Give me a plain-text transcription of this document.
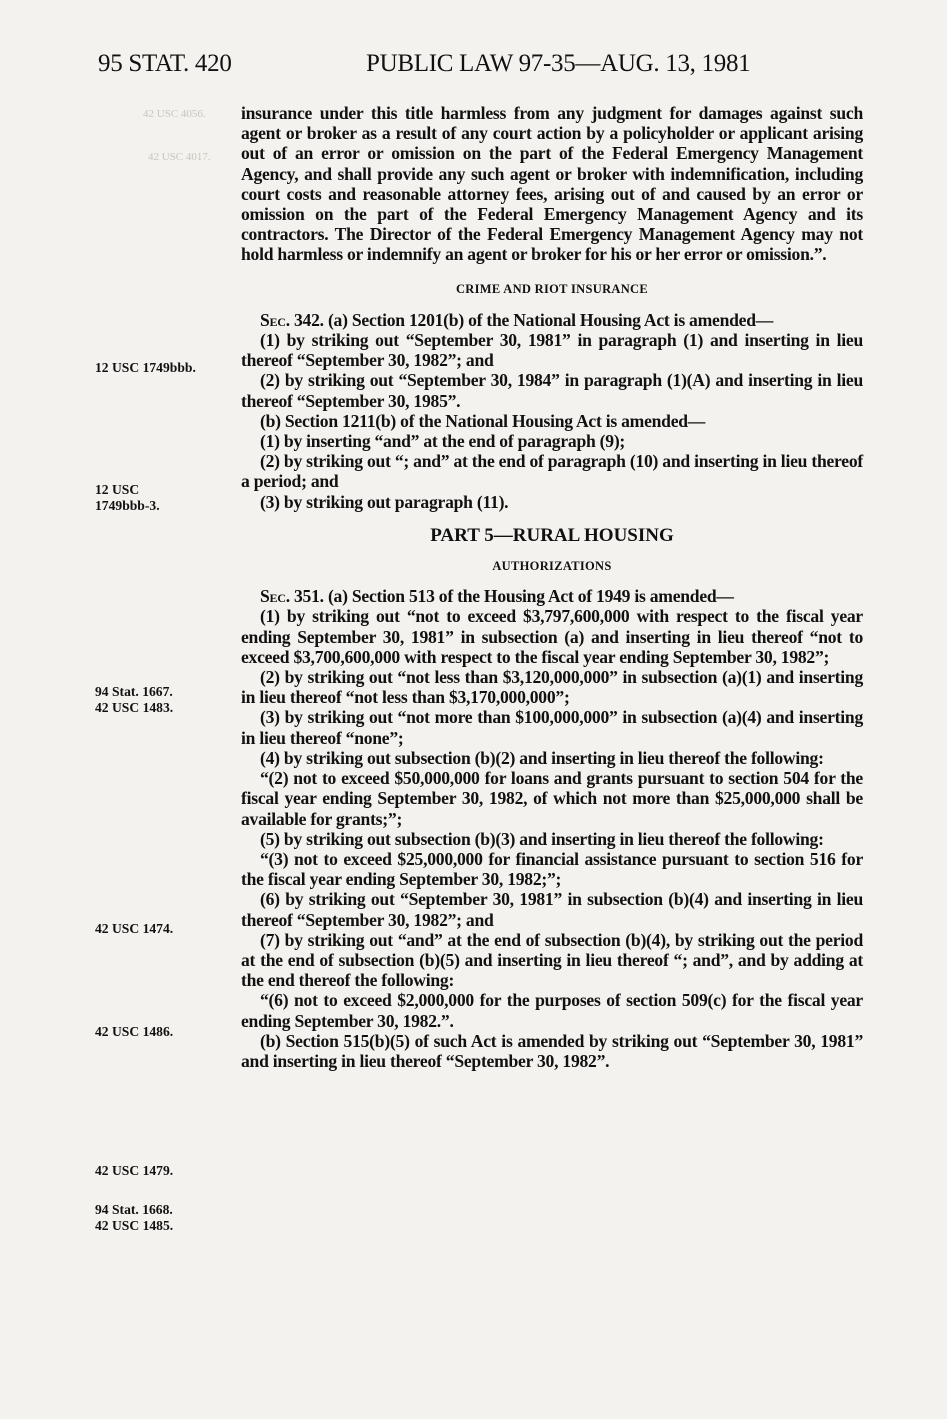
95 STAT. 420	PUBLIC LAW 97-35—AUG. 13, 1981
42 USC 4056.
42 USC 4017.
12 USC 1749bbb.
12 USC
1749bbb-3.
94 Stat. 1667.
42 USC 1483.
42 USC 1474.
42 USC 1486.
42 USC 1479.
94 Stat. 1668.
42 USC 1485.

insurance under this title harmless from any judgment for damages against such agent or broker as a result of any court action by a policyholder or applicant arising out of an error or omission on the part of the Federal Emergency Management Agency, and shall provide any such agent or broker with indemnification, including court costs and reasonable attorney fees, arising out of and caused by an error or omission on the part of the Federal Emergency Management Agency and its contractors. The Director of the Federal Emergency Management Agency may not hold harmless or indemnify an agent or broker for his or her error or omission.”.

CRIME AND RIOT INSURANCE

Sec. 342. (a) Section 1201(b) of the National Housing Act is amended—

(1) by striking out “September 30, 1981” in paragraph (1) and inserting in lieu thereof “September 30, 1982”; and

(2) by striking out “September 30, 1984” in paragraph (1)(A) and inserting in lieu thereof “September 30, 1985”.

(b) Section 1211(b) of the National Housing Act is amended—

(1) by inserting “and” at the end of paragraph (9);

(2) by striking out “; and” at the end of paragraph (10) and inserting in lieu thereof a period; and

(3) by striking out paragraph (11).

PART 5—RURAL HOUSING

AUTHORIZATIONS

Sec. 351. (a) Section 513 of the Housing Act of 1949 is amended—

(1) by striking out “not to exceed $3,797,600,000 with respect to the fiscal year ending September 30, 1981” in subsection (a) and inserting in lieu thereof “not to exceed $3,700,600,000 with respect to the fiscal year ending September 30, 1982”;

(2) by striking out “not less than $3,120,000,000” in subsection (a)(1) and inserting in lieu thereof “not less than $3,170,000,000”;

(3) by striking out “not more than $100,000,000” in subsection (a)(4) and inserting in lieu thereof “none”;

(4) by striking out subsection (b)(2) and inserting in lieu thereof the following:

“(2) not to exceed $50,000,000 for loans and grants pursuant to section 504 for the fiscal year ending September 30, 1982, of which not more than $25,000,000 shall be available for grants;”;

(5) by striking out subsection (b)(3) and inserting in lieu thereof the following:

“(3) not to exceed $25,000,000 for financial assistance pursuant to section 516 for the fiscal year ending September 30, 1982;”;

(6) by striking out “September 30, 1981” in subsection (b)(4) and inserting in lieu thereof “September 30, 1982”; and

(7) by striking out “and” at the end of subsection (b)(4), by striking out the period at the end of subsection (b)(5) and inserting in lieu thereof “; and”, and by adding at the end thereof the following:

“(6) not to exceed $2,000,000 for the purposes of section 509(c) for the fiscal year ending September 30, 1982.”.

(b) Section 515(b)(5) of such Act is amended by striking out “September 30, 1981” and inserting in lieu thereof “September 30, 1982”.
